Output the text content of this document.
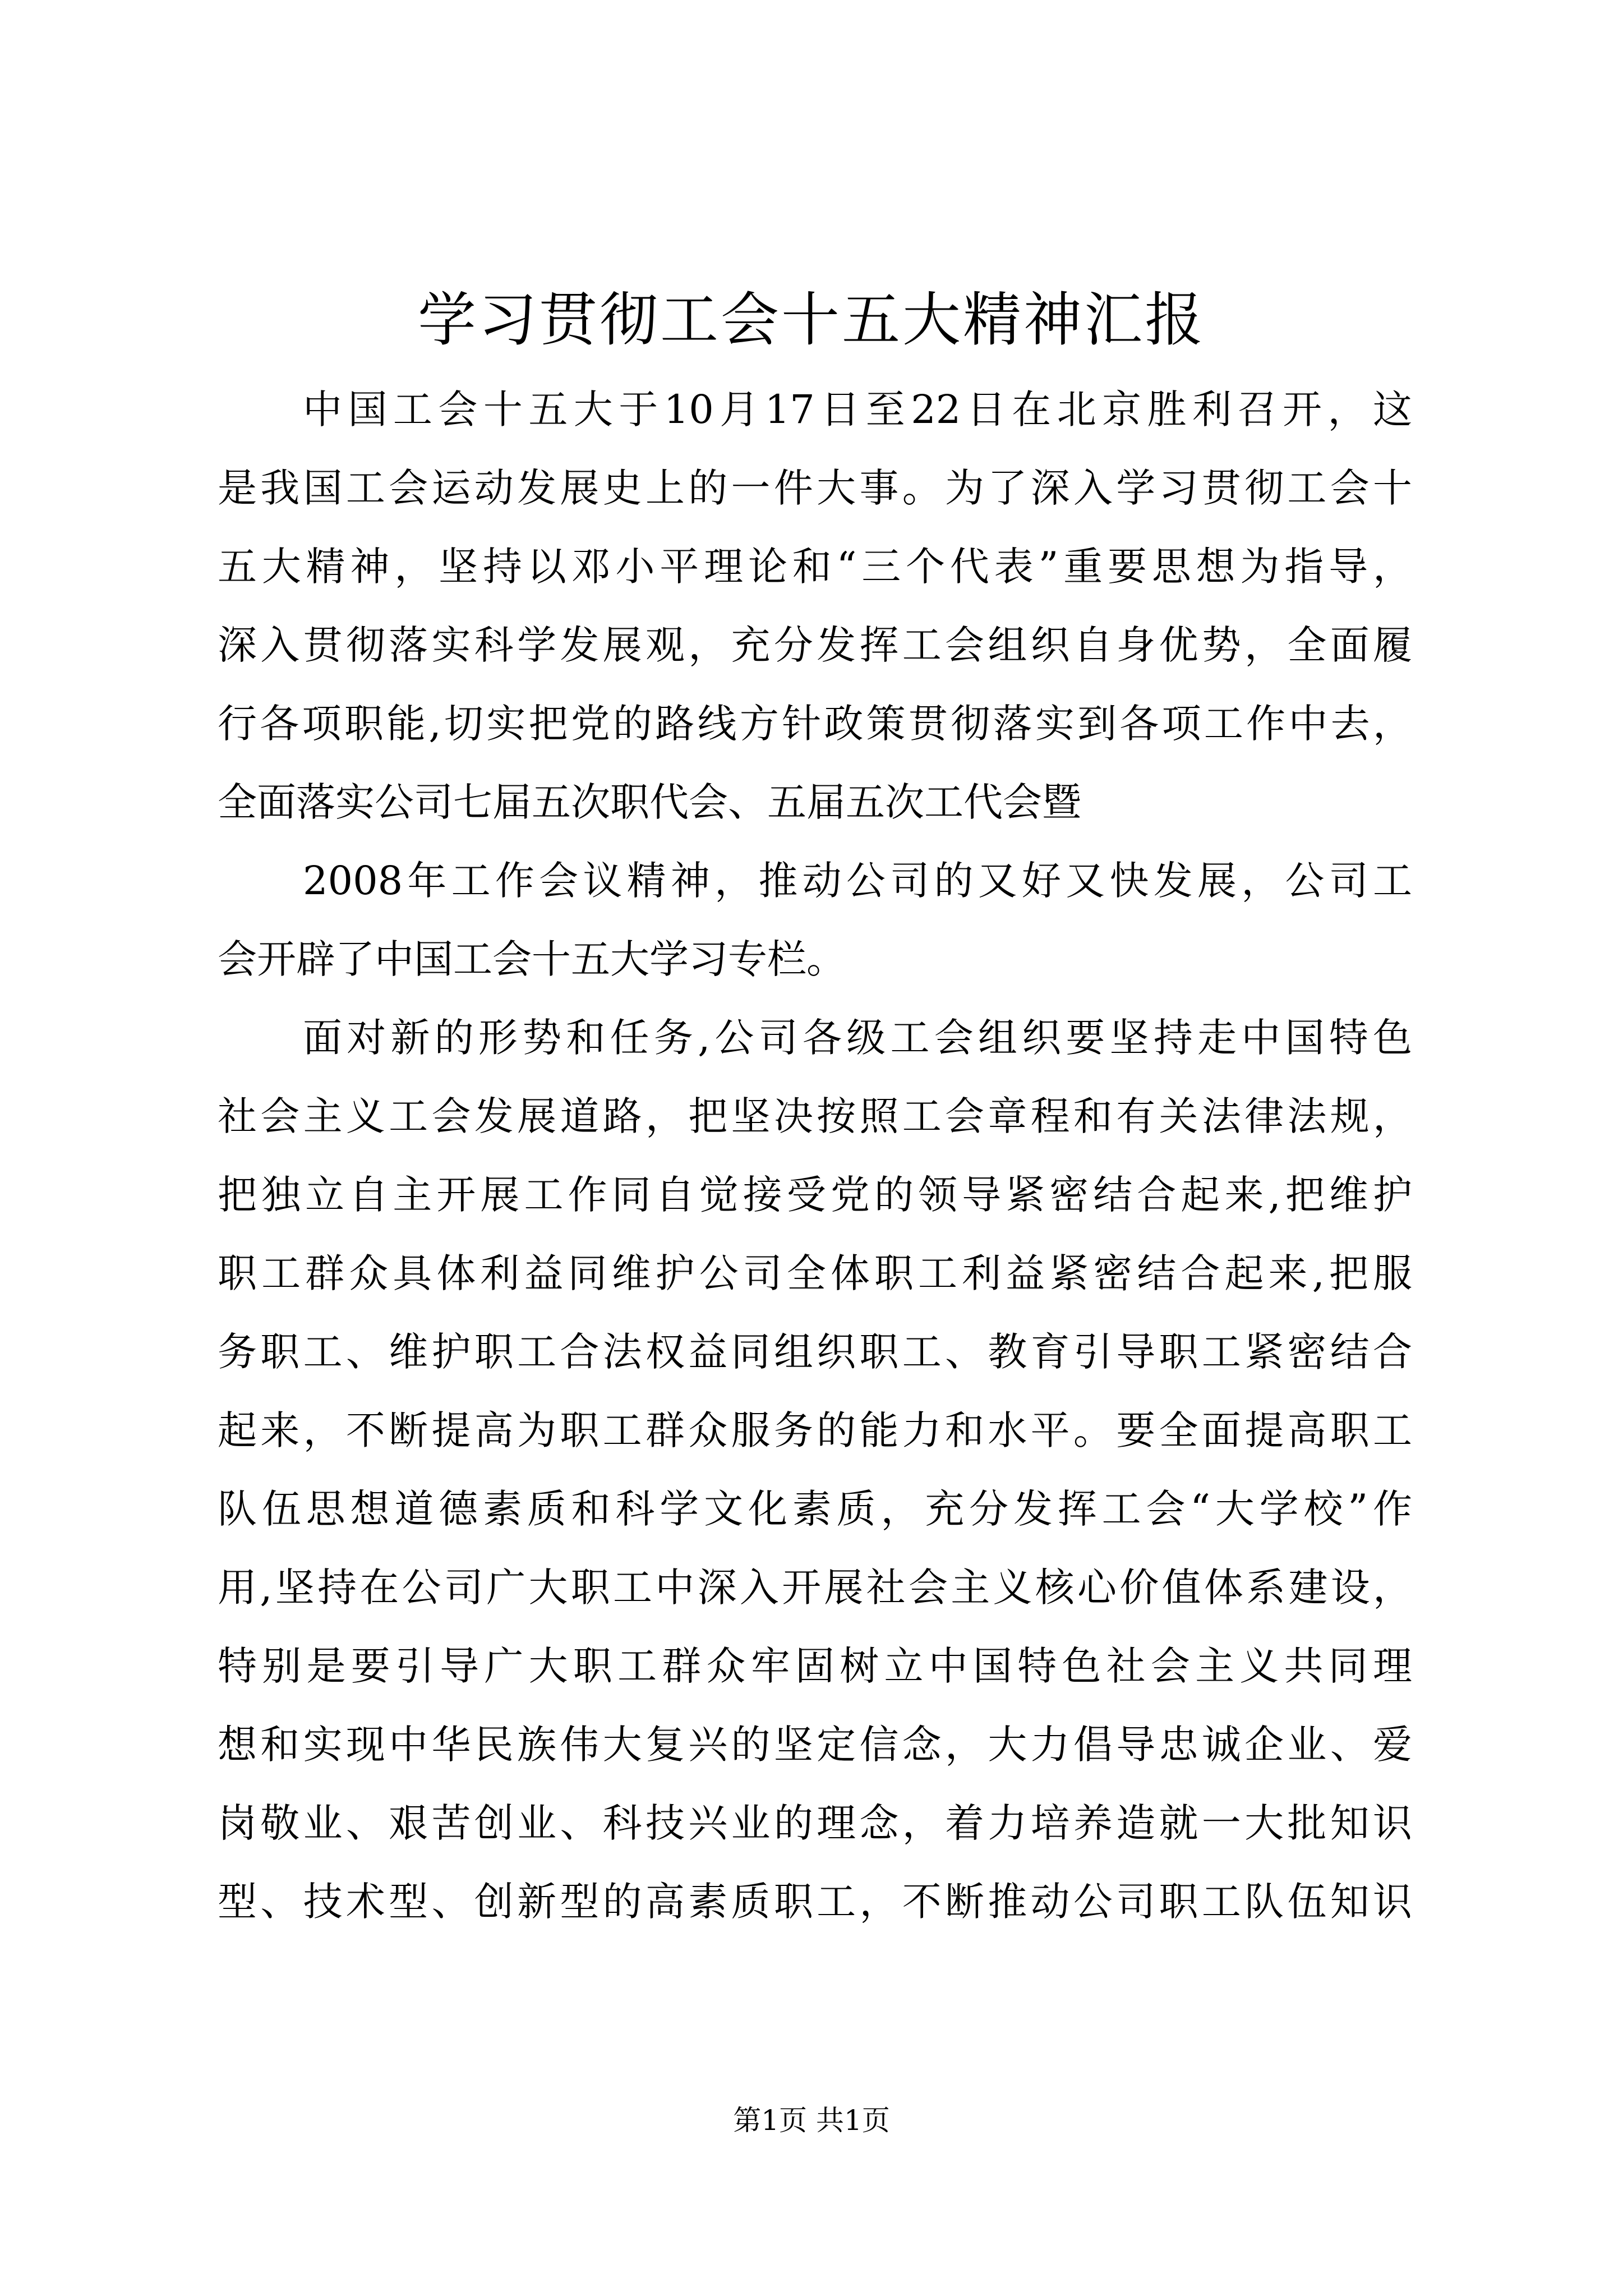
学习贯彻工会十五大精神汇报
中国工会十五大于10月17日至22日在北京胜利召开，这
是我国工会运动发展史上的一件大事。为了深入学习贯彻工会十
五大精神，坚持以邓小平理论和“三个代表”重要思想为指导，
深入贯彻落实科学发展观，充分发挥工会组织自身优势，全面履
行各项职能,切实把党的路线方针政策贯彻落实到各项工作中去，
全面落实公司七届五次职代会、五届五次工代会暨
2008年工作会议精神，推动公司的又好又快发展，公司工
会开辟了中国工会十五大学习专栏。
面对新的形势和任务,公司各级工会组织要坚持走中国特色
社会主义工会发展道路，把坚决按照工会章程和有关法律法规，
把独立自主开展工作同自觉接受党的领导紧密结合起来,把维护
职工群众具体利益同维护公司全体职工利益紧密结合起来,把服
务职工、维护职工合法权益同组织职工、教育引导职工紧密结合
起来，不断提高为职工群众服务的能力和水平。要全面提高职工
队伍思想道德素质和科学文化素质，充分发挥工会“大学校”作
用,坚持在公司广大职工中深入开展社会主义核心价值体系建设，
特别是要引导广大职工群众牢固树立中国特色社会主义共同理
想和实现中华民族伟大复兴的坚定信念，大力倡导忠诚企业、爱
岗敬业、艰苦创业、科技兴业的理念，着力培养造就一大批知识
型、技术型、创新型的高素质职工，不断推动公司职工队伍知识
第1页 共1页
